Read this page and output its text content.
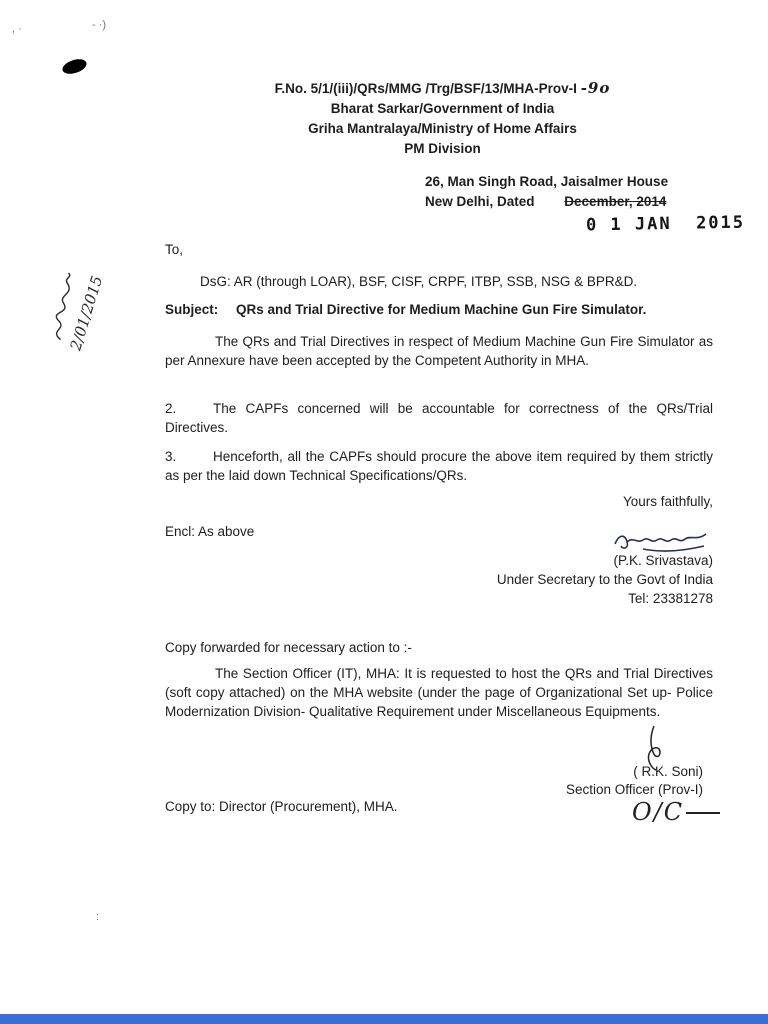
, ·	- ·)
:
2/01/2015
F.No. 5/1/(iii)/QRs/MMG /Trg/BSF/13/MHA-Prov-I -9o
Bharat Sarkar/Government of India
Griha Mantralaya/Ministry of Home Affairs
PM Division
26, Man Singh Road, Jaisalmer House
New Delhi, Dated December, 2014
0 1 JAN  2015
To,
DsG: AR (through LOAR), BSF, CISF, CRPF, ITBP, SSB, NSG & BPR&D.
Subject: QRs and Trial Directive for Medium Machine Gun Fire Simulator.
The QRs and Trial Directives in respect of Medium Machine Gun Fire Simulator as per Annexure have been accepted by the Competent Authority in MHA.
2.	The CAPFs concerned will be accountable for correctness of the QRs/Trial Directives.
3.	Henceforth, all the CAPFs should procure the above item required by them strictly as per the laid down Technical Specifications/QRs.
Yours faithfully,
Encl: As above
(P.K. Srivastava)
Under Secretary to the Govt of India
Tel: 23381278
Copy forwarded for necessary action to :-
The Section Officer (IT), MHA: It is requested to host the QRs and Trial Directives (soft copy attached) on the MHA website (under the page of Organizational Set up- Police Modernization Division- Qualitative Requirement under Miscellaneous Equipments.
( R.K. Soni)
Section Officer (Prov-I)
Copy to: Director (Procurement), MHA.	O/C
